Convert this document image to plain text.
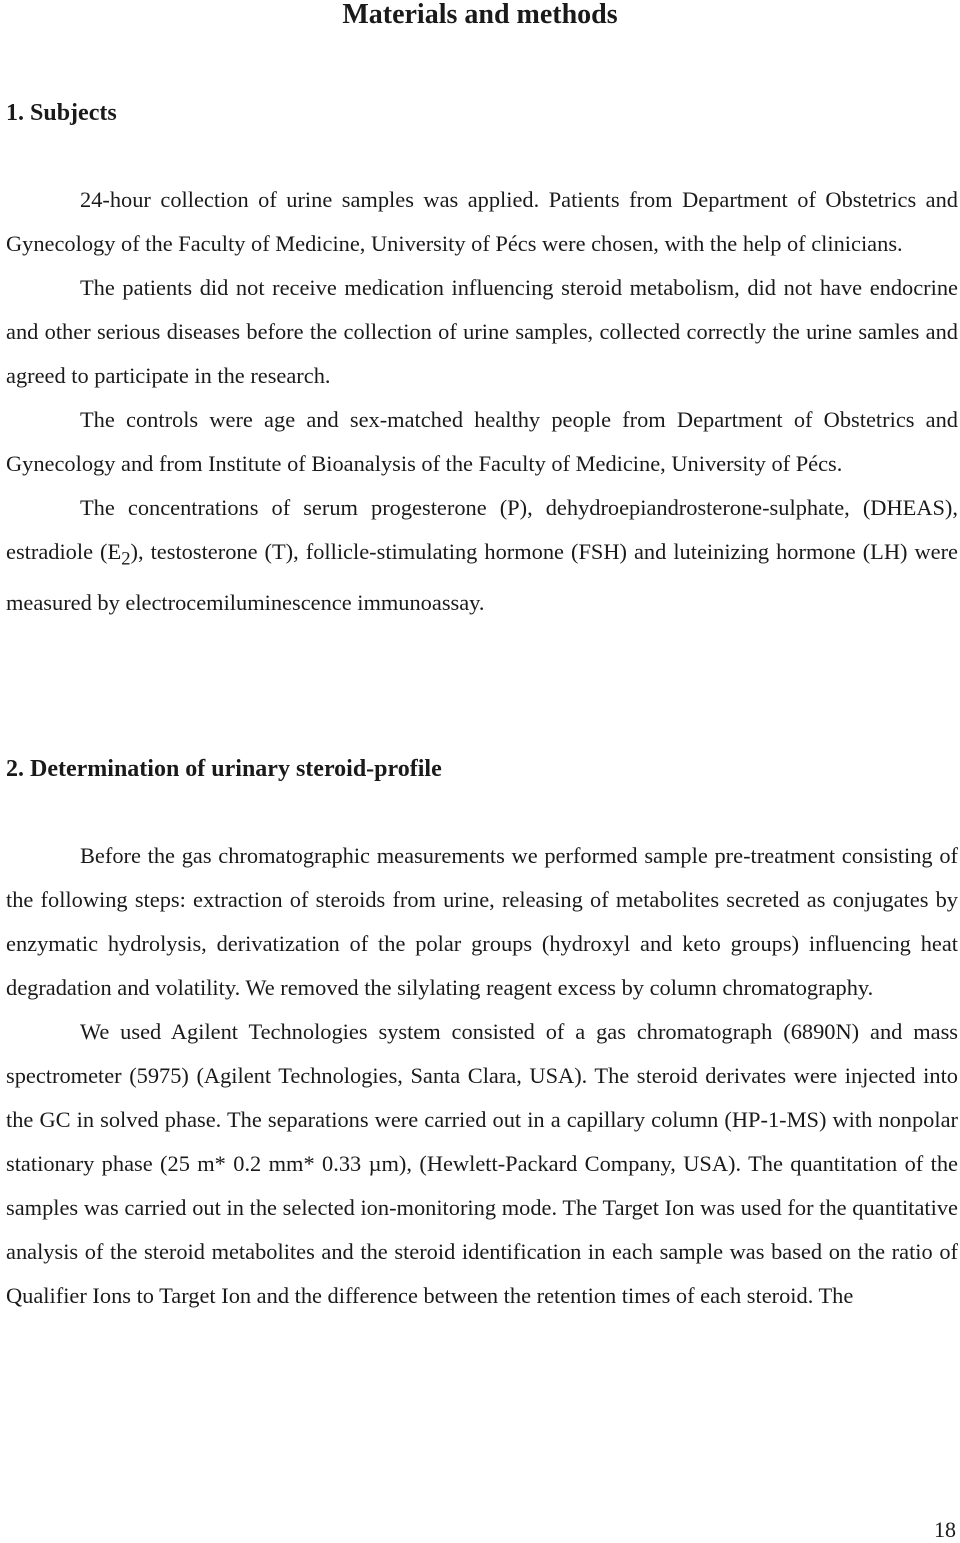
Materials and methods
1. Subjects

24-hour collection of urine samples was applied. Patients from Department of Obstetrics and Gynecology of the Faculty of Medicine, University of Pécs were chosen, with the help of clinicians.

The patients did not receive medication influencing steroid metabolism, did not have endocrine and other serious diseases before the collection of urine samples, collected correctly the urine samles and agreed to participate in the research.

The controls were age and sex-matched healthy people from Department of Obstetrics and Gynecology and from Institute of Bioanalysis of the Faculty of Medicine, University of Pécs.

The concentrations of serum progesterone (P), dehydroepiandrosterone-sulphate, (DHEAS), estradiole $(E_2)$, testosterone (T), follicle-stimulating hormone (FSH) and luteinizing hormone (LH) were measured by electrocemiluminescence immunoassay.

2. Determination of urinary steroid-profile

Before the gas chromatographic measurements we performed sample pre-treatment consisting of the following steps: extraction of steroids from urine, releasing of metabolites secreted as conjugates by enzymatic hydrolysis, derivatization of the polar groups (hydroxyl and keto groups) influencing heat degradation and volatility. We removed the silylating reagent excess by column chromatography.

We used Agilent Technologies system consisted of a gas chromatograph (6890N) and mass spectrometer (5975) (Agilent Technologies, Santa Clara, USA). The steroid derivates were injected into the GC in solved phase. The separations were carried out in a capillary column (HP-1-MS) with nonpolar stationary phase (25 m* 0.2 mm* 0.33 µm), (Hewlett-Packard Company, USA). The quantitation of the samples was carried out in the selected ion-monitoring mode. The Target Ion was used for the quantitative analysis of the steroid metabolites and the steroid identification in each sample was based on the ratio of Qualifier Ions to Target Ion and the difference between the retention times of each steroid. The

18
